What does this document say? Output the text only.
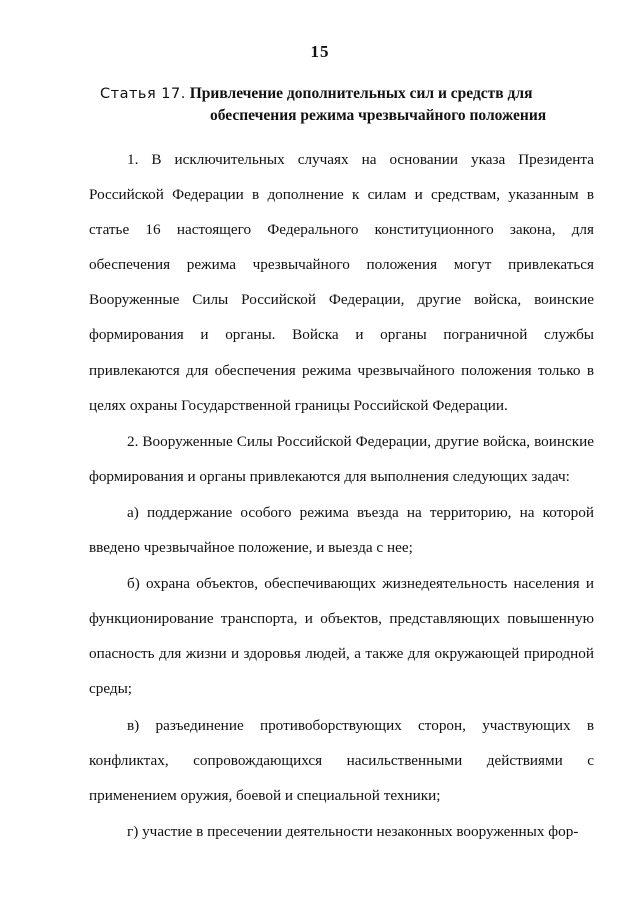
15
Статья 17. Привлечение дополнительных сил и средств для
обеспечения режима чрезвычайного положения

1. В исключительных случаях на основании указа Президента Российской Федерации в дополнение к силам и средствам, указанным в статье 16 настоящего Федерального конституционного закона, для обеспечения режима чрезвычайного положения могут привлекаться Вооруженные Силы Российской Федерации, другие войска, воинские формирования и органы. Войска и органы пограничной службы привлекаются для обеспечения режима чрезвычайного положения только в целях охраны Государственной границы Российской Федерации.

2. Вооруженные Силы Российской Федерации, другие войска, воинские формирования и органы привлекаются для выполнения следующих задач:

а) поддержание особого режима въезда на территорию, на которой введено чрезвычайное положение, и выезда с нее;

б) охрана объектов, обеспечивающих жизнедеятельность населения и функционирование транспорта, и объектов, представляющих повышенную опасность для жизни и здоровья людей, а также для окружающей природной среды;

в) разъединение противоборствующих сторон, участвующих в конфликтах, сопровождающихся насильственными действиями с применением оружия, боевой и специальной техники;

г) участие в пресечении деятельности незаконных вооруженных фор-
